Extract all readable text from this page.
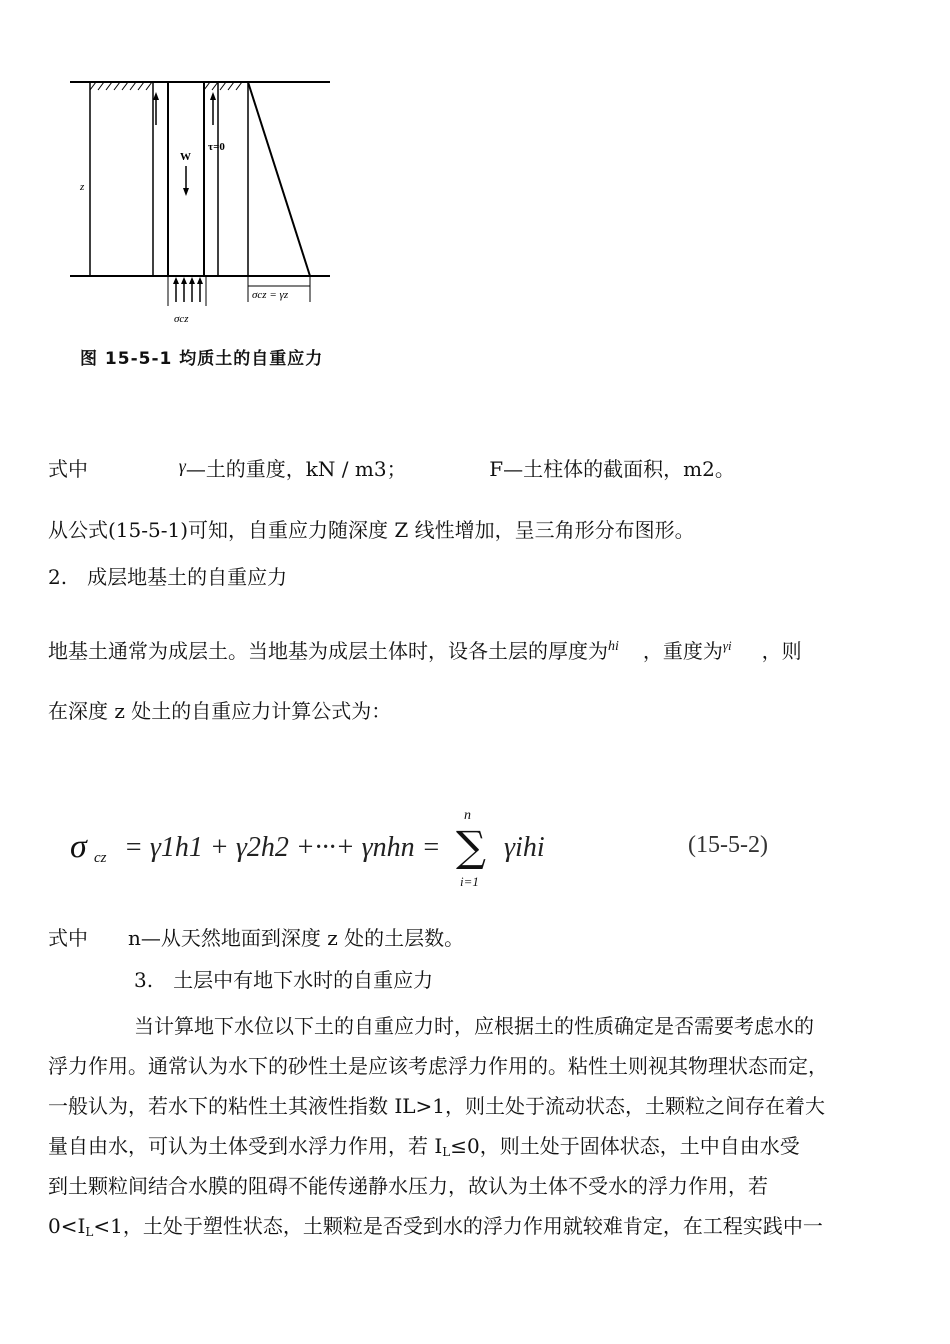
z
τ=0
W
σcz
σcz = γz
图 15-5-1 均质土的自重应力
式中	γ—土的重度，kN / m3；	F—土柱体的截面积，m2。
从公式(15-5-1)可知，自重应力随深度 Z 线性增加，呈三角形分布图形。
2.　成层地基土的自重应力
地基土通常为成层土。当地基为成层土体时，设各土层的厚度为$^{hi}$ ，重度为$^{\gamma i}$ ，则
在深度 z 处土的自重应力计算公式为：
σ cz = γ1h1 + γ2h2 +···+ γnhn =
n
∑
i=1
γihi	(15-5-2)
式中　　n—从天然地面到深度 z 处的土层数。
3.　土层中有地下水时的自重应力
当计算地下水位以下土的自重应力时，应根据土的性质确定是否需要考虑水的
浮力作用。通常认为水下的砂性土是应该考虑浮力作用的。粘性土则视其物理状态而定，
一般认为，若水下的粘性土其液性指数 IL>1，则土处于流动状态，土颗粒之间存在着大
量自由水，可认为土体受到水浮力作用，若 IL≤0，则土处于固体状态，土中自由水受
到土颗粒间结合水膜的阻碍不能传递静水压力，故认为土体不受水的浮力作用，若
0<IL<1，土处于塑性状态，土颗粒是否受到水的浮力作用就较难肯定，在工程实践中一
